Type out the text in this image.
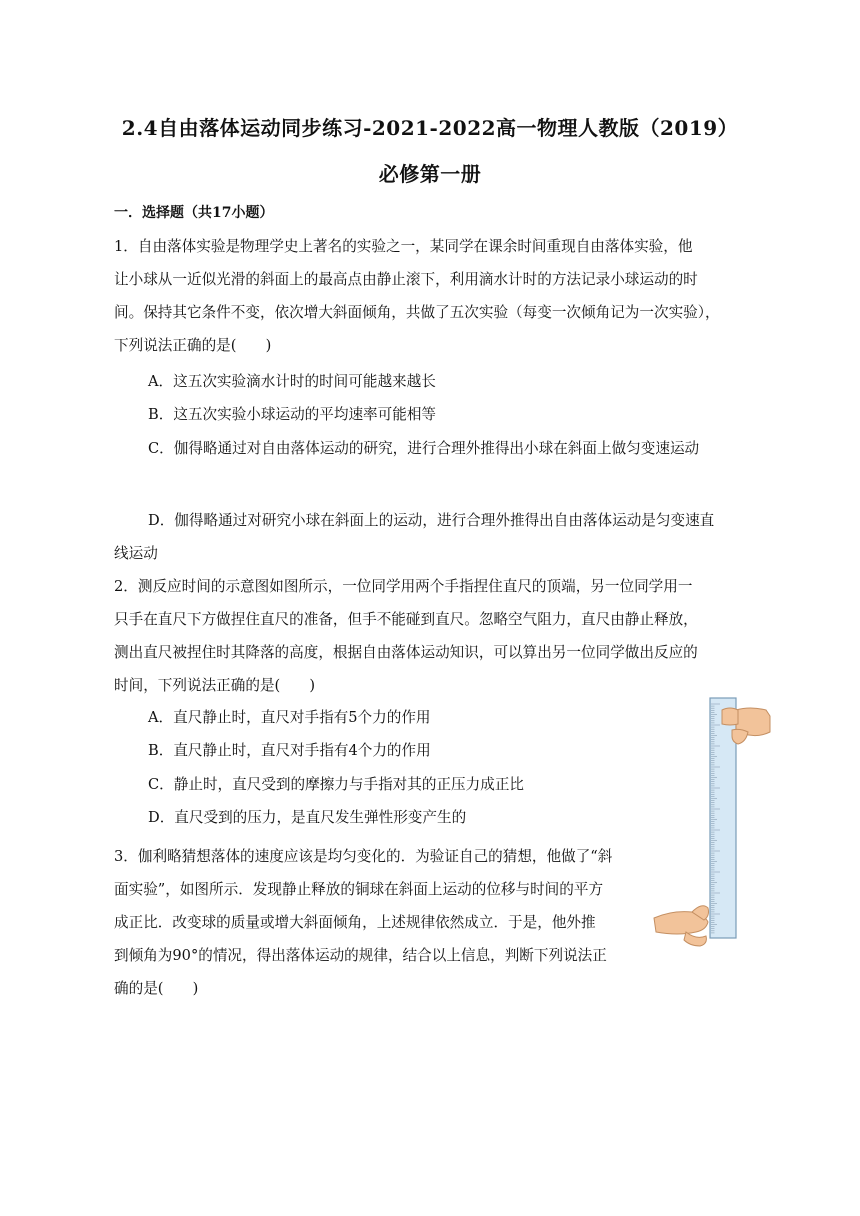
2.4自由落体运动同步练习-2021-2022高一物理人教版（2019）
必修第一册
一．选择题（共17小题）
1．自由落体实验是物理学史上著名的实验之一，某同学在课余时间重现自由落体实验，他
让小球从一近似光滑的斜面上的最高点由静止滚下，利用滴水计时的方法记录小球运动的时
间。保持其它条件不变，依次增大斜面倾角，共做了五次实验（每变一次倾角记为一次实验），
下列说法正确的是(　　)
A．这五次实验滴水计时的时间可能越来越长
B．这五次实验小球运动的平均速率可能相等
C．伽得略通过对自由落体运动的研究，进行合理外推得出小球在斜面上做匀变速运动
D．伽得略通过对研究小球在斜面上的运动，进行合理外推得出自由落体运动是匀变速直
线运动
2．测反应时间的示意图如图所示，一位同学用两个手指捏住直尺的顶端，另一位同学用一
只手在直尺下方做捏住直尺的准备，但手不能碰到直尺。忽略空气阻力，直尺由静止释放，
测出直尺被捏住时其降落的高度，根据自由落体运动知识，可以算出另一位同学做出反应的
时间，下列说法正确的是(　　)
A．直尺静止时，直尺对手指有5个力的作用
B．直尺静止时，直尺对手指有4个力的作用
C．静止时，直尺受到的摩擦力与手指对其的正压力成正比
D．直尺受到的压力，是直尺发生弹性形变产生的
3．伽利略猜想落体的速度应该是均匀变化的．为验证自己的猜想，他做了“斜
面实验”，如图所示．发现静止释放的铜球在斜面上运动的位移与时间的平方
成正比．改变球的质量或增大斜面倾角，上述规律依然成立．于是，他外推
到倾角为90°的情况，得出落体运动的规律，结合以上信息，判断下列说法正
确的是(　　)
